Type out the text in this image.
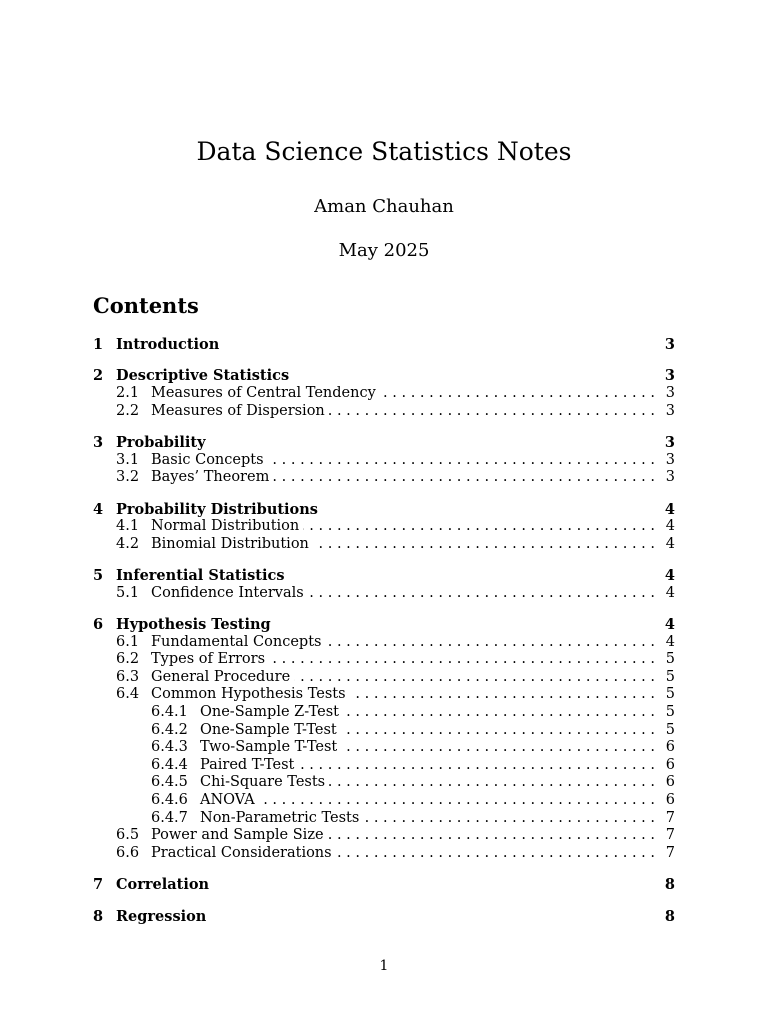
Data Science Statistics Notes
Aman Chauhan
May 2025
Contents
1 Introduction	3
2 Descriptive Statistics	3
2.1 Measures of Central Tendency . . .	3
2.2 Measures of Dispersion . . .	3
3 Probability	3
3.1 Basic Concepts . . .	3
3.2 Bayes’ Theorem . . .	3
4 Probability Distributions	4
4.1 Normal Distribution . . .	4
4.2 Binomial Distribution . . .	4
5 Inferential Statistics	4
5.1 Confidence Intervals . . .	4
6 Hypothesis Testing	4
6.1 Fundamental Concepts . . .	4
6.2 Types of Errors . . .	5
6.3 General Procedure . . .	5
6.4 Common Hypothesis Tests . . .	5
6.4.1 One-Sample Z-Test . . .	5
6.4.2 One-Sample T-Test . . .	5
6.4.3 Two-Sample T-Test . . .	6
6.4.4 Paired T-Test . . .	6
6.4.5 Chi-Square Tests . . .	6
6.4.6 ANOVA . . .	6
6.4.7 Non-Parametric Tests . . .	7
6.5 Power and Sample Size . . .	7
6.6 Practical Considerations . . .	7
7 Correlation	8
8 Regression	8
1
